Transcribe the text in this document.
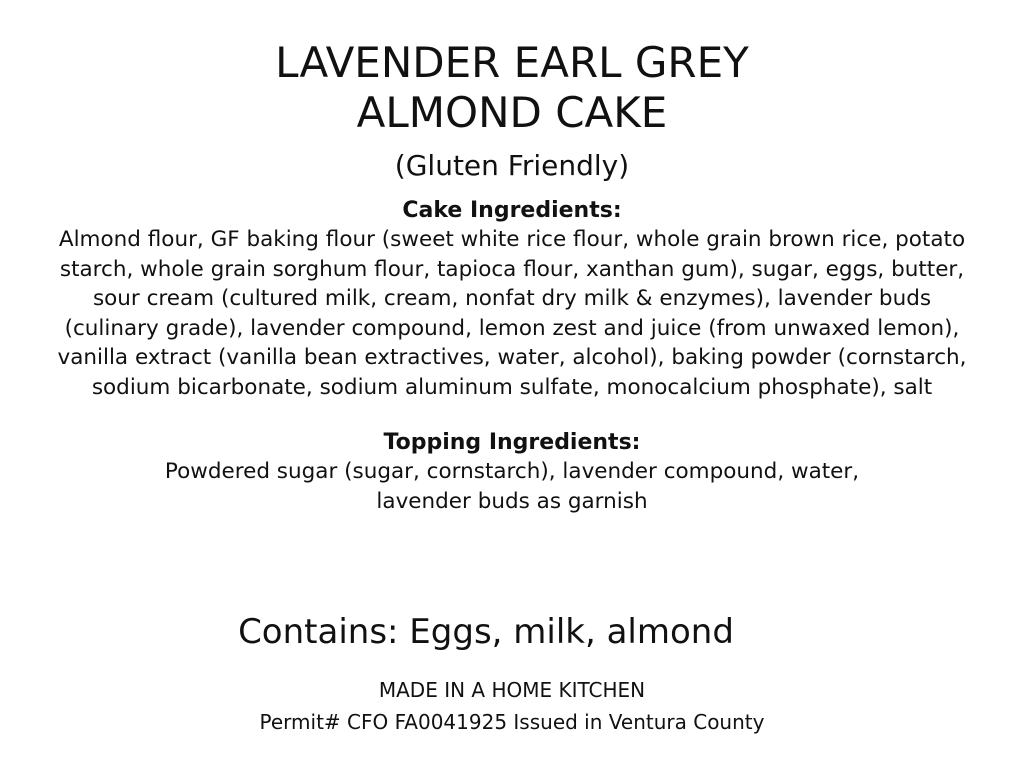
LAVENDER EARL GREY
ALMOND CAKE
(Gluten Friendly)
Cake Ingredients:
Almond flour, GF baking flour (sweet white rice flour, whole grain brown rice, potato
starch, whole grain sorghum flour, tapioca flour, xanthan gum), sugar, eggs, butter,
sour cream (cultured milk, cream, nonfat dry milk & enzymes), lavender buds
(culinary grade), lavender compound, lemon zest and juice (from unwaxed lemon),
vanilla extract (vanilla bean extractives, water, alcohol), baking powder (cornstarch,
sodium bicarbonate, sodium aluminum sulfate, monocalcium phosphate), salt
Topping Ingredients:
Powdered sugar (sugar, cornstarch), lavender compound, water,
lavender buds as garnish
Contains: Eggs, milk, almond
MADE IN A HOME KITCHEN
Permit# CFO FA0041925 Issued in Ventura County
